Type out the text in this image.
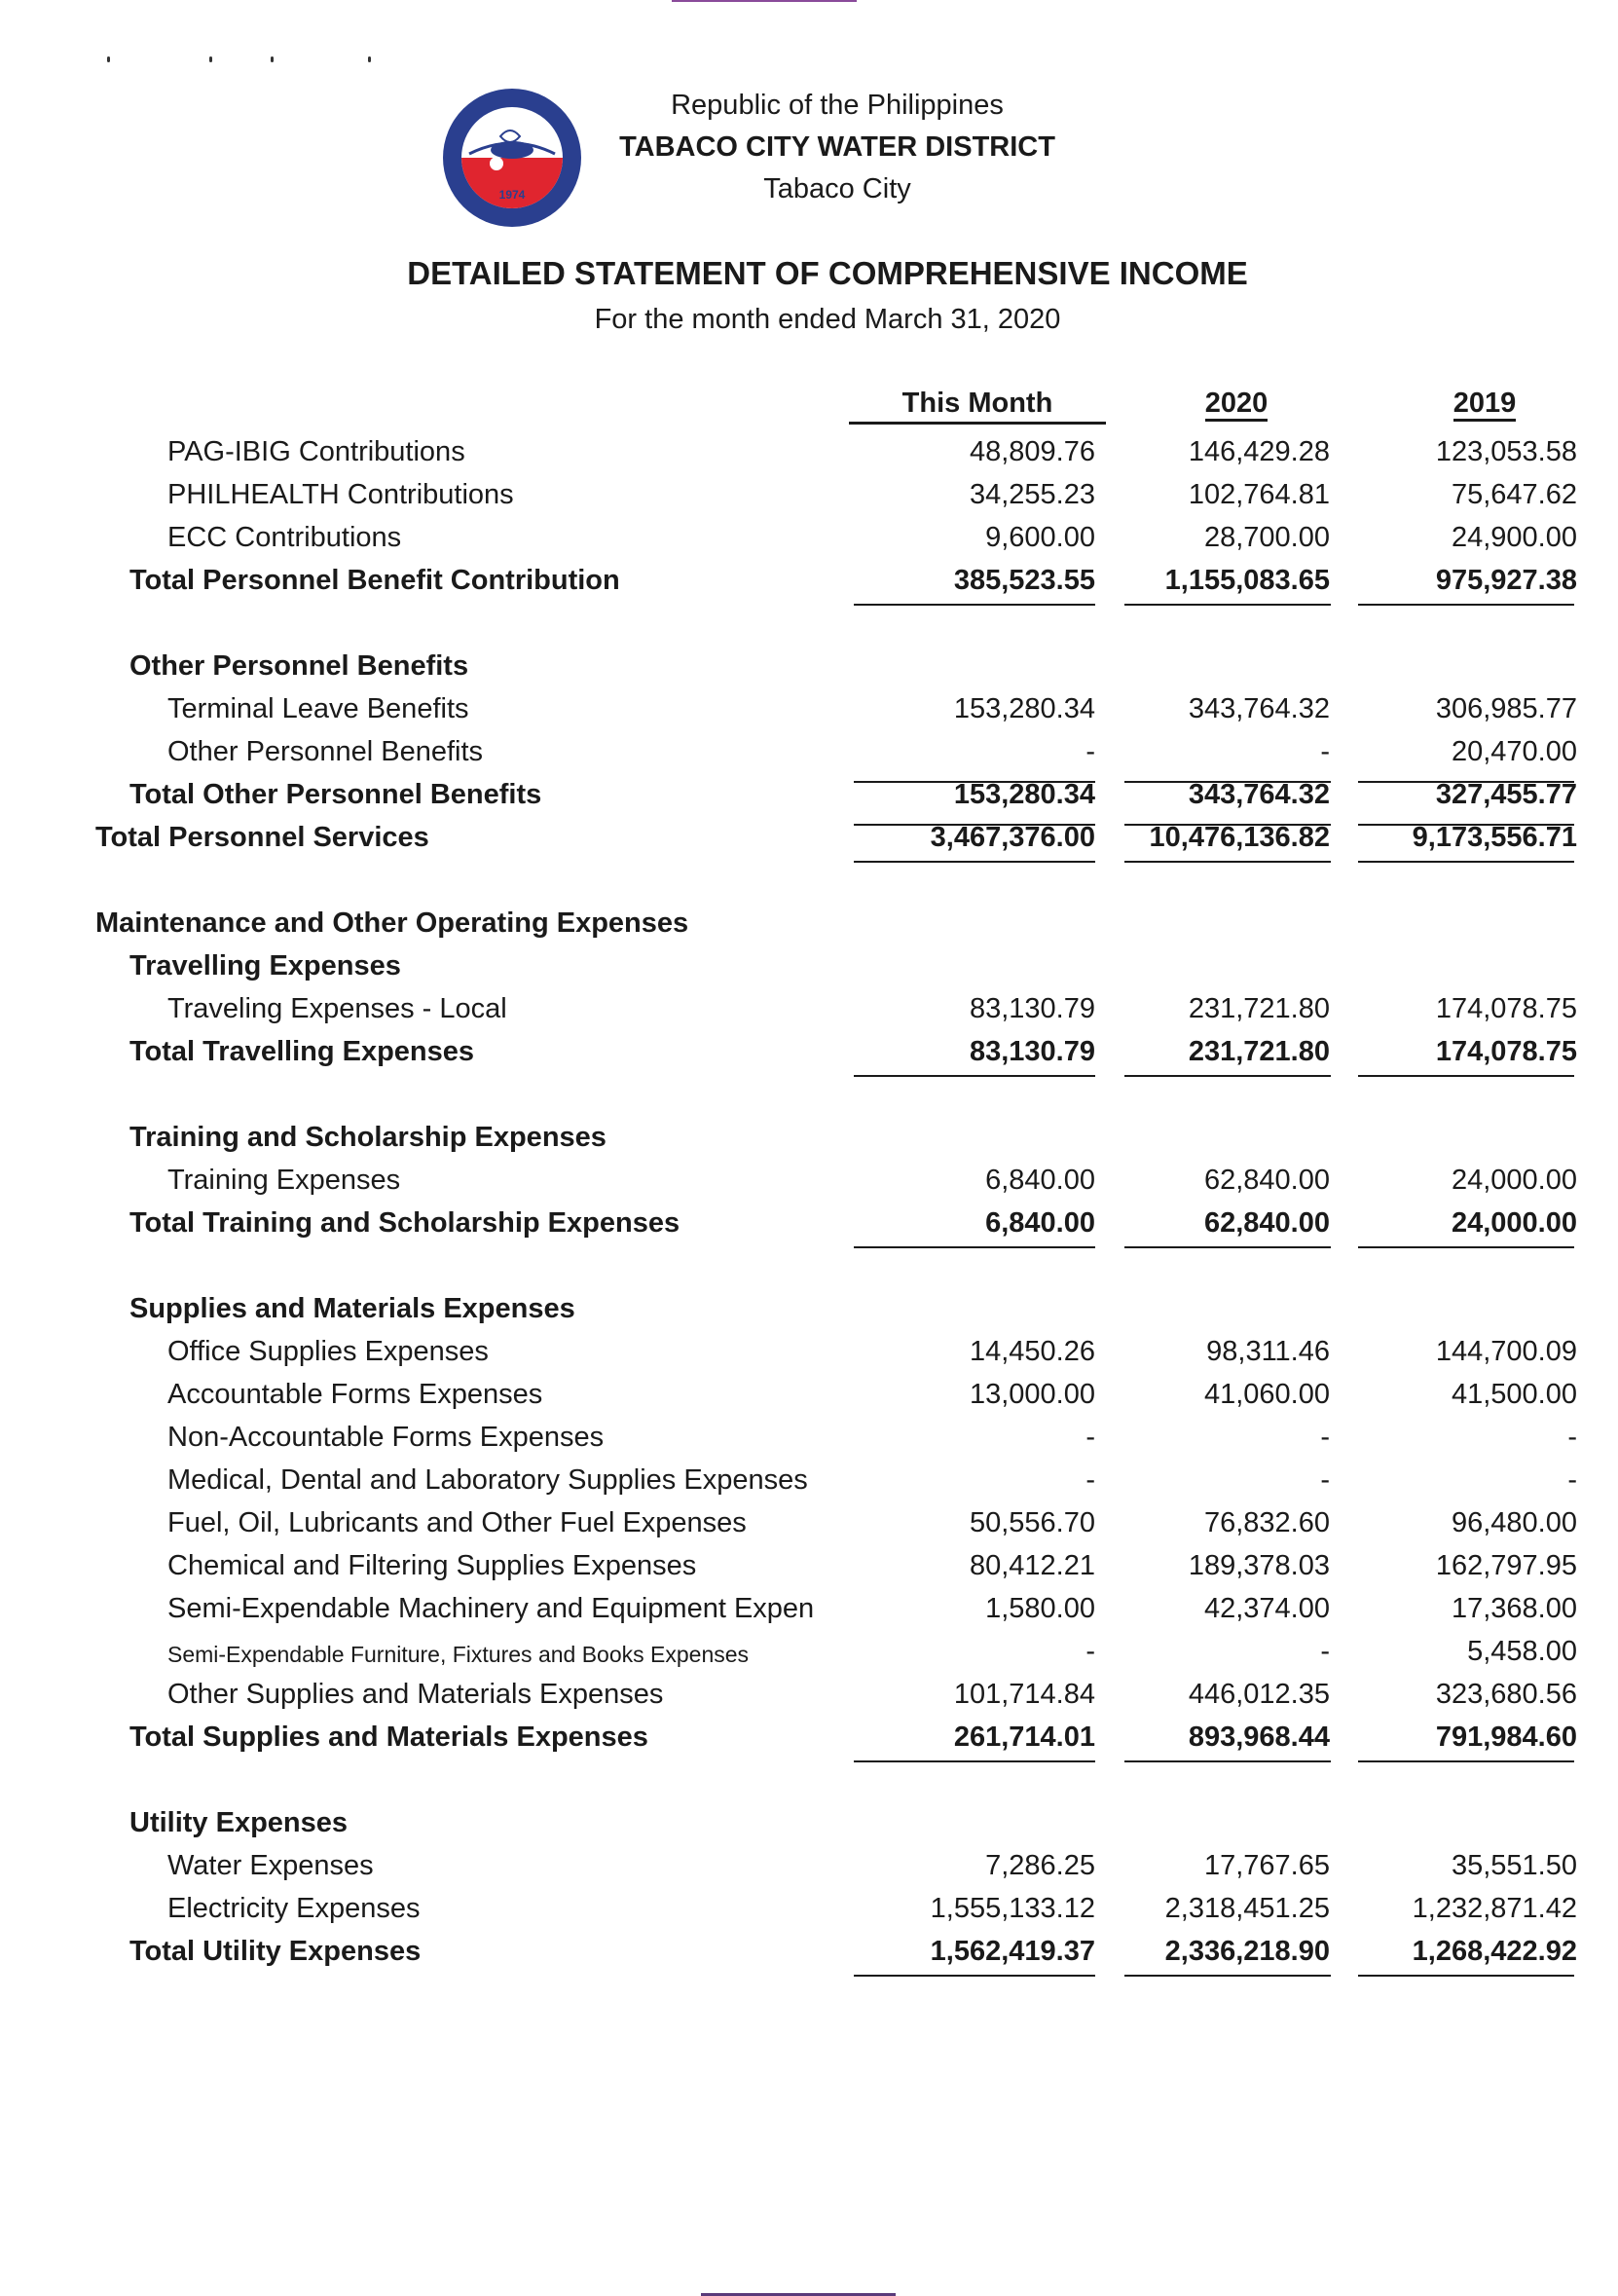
1974
Republic of the Philippines
TABACO CITY WATER DISTRICT
Tabaco City
DETAILED STATEMENT OF COMPREHENSIVE INCOME
For the month ended March 31, 2020
This Month	2020	2019
PAG-IBIG Contributions	48,809.76	146,429.28	123,053.58
PHILHEALTH Contributions	34,255.23	102,764.81	75,647.62
ECC Contributions	9,600.00	28,700.00	24,900.00
Total Personnel Benefit Contribution	385,523.55 1,155,083.65	975,927.38
Other Personnel Benefits
Terminal Leave Benefits	153,280.34	343,764.32	306,985.77
Other Personnel Benefits	-	-	20,470.00
Total Other Personnel Benefits	153,280.34	343,764.32	327,455.77
Total Personnel Services	3,467,376.00 10,476,136.82	9,173,556.71
Maintenance and Other Operating Expenses
Travelling Expenses
Traveling Expenses - Local	83,130.79	231,721.80	174,078.75
Total Travelling Expenses	83,130.79	231,721.80	174,078.75
Training and Scholarship Expenses
Training Expenses	6,840.00	62,840.00	24,000.00
Total Training and Scholarship Expenses	6,840.00	62,840.00	24,000.00
Supplies and Materials Expenses
Office Supplies Expenses	14,450.26	98,311.46	144,700.09
Accountable Forms Expenses	13,000.00	41,060.00	41,500.00
Non-Accountable Forms Expenses	-	-	-
Medical, Dental and Laboratory Supplies Expenses	-	-	-
Fuel, Oil, Lubricants and Other Fuel Expenses	50,556.70	76,832.60	96,480.00
Chemical and Filtering Supplies Expenses	80,412.21	189,378.03	162,797.95
Semi-Expendable Machinery and Equipment Expen	1,580.00	42,374.00	17,368.00
Semi-Expendable Furniture, Fixtures and Books Expenses	-	-	5,458.00
Other Supplies and Materials Expenses	101,714.84	446,012.35	323,680.56
Total Supplies and Materials Expenses	261,714.01	893,968.44	791,984.60
Utility Expenses
Water Expenses	7,286.25	17,767.65	35,551.50
Electricity Expenses	1,555,133.12 2,318,451.25	1,232,871.42
Total Utility Expenses	1,562,419.37 2,336,218.90	1,268,422.92
